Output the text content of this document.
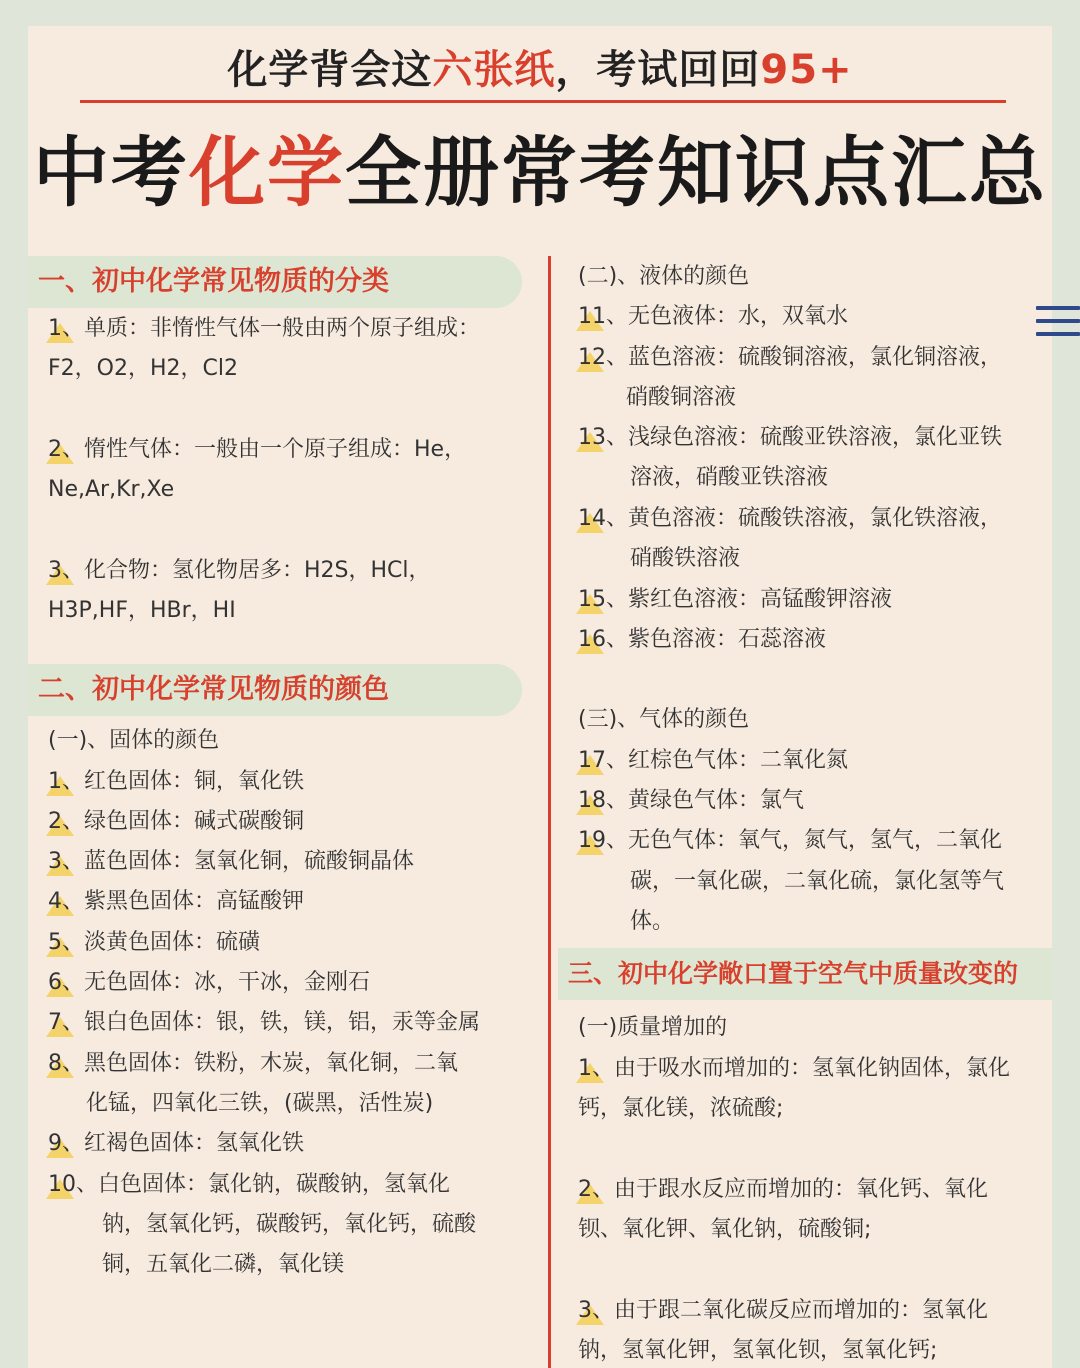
化学背会这六张纸，考试回回95+
中考化学全册常考知识点汇总
一、初中化学常见物质的分类
1、单质：非惰性气体一般由两个原子组成：
F2，O2，H2，Cl2
2、惰性气体：一般由一个原子组成：He，
Ne,Ar,Kr,Xe
3、化合物：氢化物居多：H2S，HCl，
H3P,HF，HBr，HI
二、初中化学常见物质的颜色
(一)、固体的颜色
1、红色固体：铜，氧化铁
2、绿色固体：碱式碳酸铜
3、蓝色固体：氢氧化铜，硫酸铜晶体
4、紫黑色固体：高锰酸钾
5、淡黄色固体：硫磺
6、无色固体：冰，干冰，金刚石
7、银白色固体：银，铁，镁，铝，汞等金属
8、黑色固体：铁粉，木炭，氧化铜，二氧
化锰，四氧化三铁，(碳黑，活性炭)
9、红褐色固体：氢氧化铁
10、白色固体：氯化钠，碳酸钠，氢氧化
钠，氢氧化钙，碳酸钙，氧化钙，硫酸
铜，五氧化二磷，氧化镁
(二)、液体的颜色
11、无色液体：水，双氧水
12、蓝色溶液：硫酸铜溶液，氯化铜溶液，
硝酸铜溶液
13、浅绿色溶液：硫酸亚铁溶液，氯化亚铁
溶液，硝酸亚铁溶液
14、黄色溶液：硫酸铁溶液，氯化铁溶液，
硝酸铁溶液
15、紫红色溶液：高锰酸钾溶液
16、紫色溶液：石蕊溶液
(三)、气体的颜色
17、红棕色气体：二氧化氮
18、黄绿色气体：氯气
19、无色气体：氧气，氮气，氢气，二氧化
碳，一氧化碳，二氧化硫，氯化氢等气
体。
三、初中化学敞口置于空气中质量改变的
(一)质量增加的
1、由于吸水而增加的：氢氧化钠固体，氯化
钙，氯化镁，浓硫酸;
2、由于跟水反应而增加的：氧化钙、氧化
钡、氧化钾、氧化钠，硫酸铜;
3、由于跟二氧化碳反应而增加的：氢氧化
钠，氢氧化钾，氢氧化钡，氢氧化钙;
